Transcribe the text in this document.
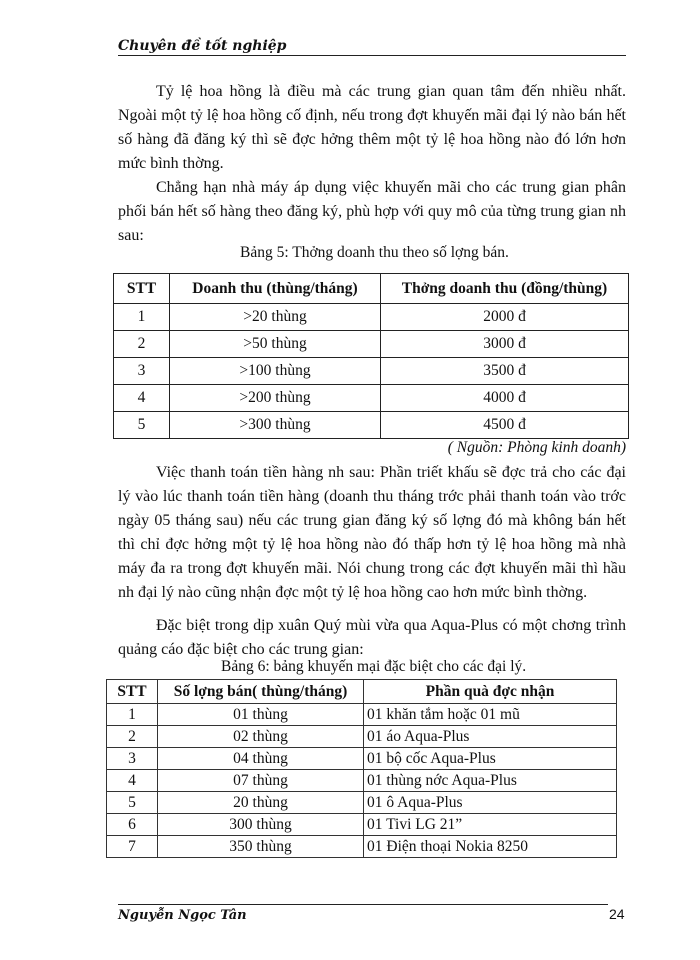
Chuyên đề tốt nghiệp

Tỷ lệ hoa hồng là điều mà các trung gian quan tâm đến nhiều nhất. Ngoài một tỷ lệ hoa hồng cố định, nếu trong đợt khuyến mãi đại lý nào bán hết số hàng đã đăng ký thì sẽ đợc hởng thêm một tỷ lệ hoa hồng nào đó lớn hơn mức bình thờng.

Chẳng hạn nhà máy áp dụng việc khuyến mãi cho các trung gian phân phối bán hết số hàng theo đăng ký, phù hợp với quy mô của từng trung gian nh sau:

Bảng 5: Thởng doanh thu theo số lợng bán.
STT	Doanh thu (thùng/tháng)	Thởng doanh thu (đồng/thùng)
1	>20 thùng	2000 đ
2	>50 thùng	3000 đ
3	>100 thùng	3500 đ
4	>200 thùng	4000 đ
5	>300 thùng	4500 đ
( Nguồn: Phòng kinh doanh)

Việc thanh toán tiền hàng nh sau: Phần triết khấu sẽ đợc trả cho các đại lý vào lúc thanh toán tiền hàng (doanh thu tháng trớc phải thanh toán vào trớc ngày 05 tháng sau) nếu các trung gian đăng ký số lợng đó mà không bán hết thì chỉ đợc hởng một tỷ lệ hoa hồng nào đó thấp hơn tỷ lệ hoa hồng mà nhà máy đa ra trong đợt khuyến mãi. Nói chung trong các đợt khuyến mãi thì hầu nh đại lý nào cũng nhận đợc một tỷ lệ hoa hồng cao hơn mức bình thờng.

Đặc biệt trong dịp xuân Quý mùi vừa qua Aqua-Plus có một chơng trình quảng cáo đặc biệt cho các trung gian:

Bảng 6: bảng khuyến mại đặc biệt cho các đại lý.
STT	Số lợng bán( thùng/tháng)	Phần quà đợc nhận
1	01 thùng	01 khăn tắm hoặc 01 mũ
2	02 thùng	01 áo Aqua-Plus
3	04 thùng	01 bộ cốc Aqua-Plus
4	07 thùng	01 thùng nớc Aqua-Plus
5	20 thùng	01 ô Aqua-Plus
6	300 thùng	01 Tivi LG 21”
7	350 thùng	01 Điện thoại Nokia 8250
Nguyễn Ngọc Tân	24
